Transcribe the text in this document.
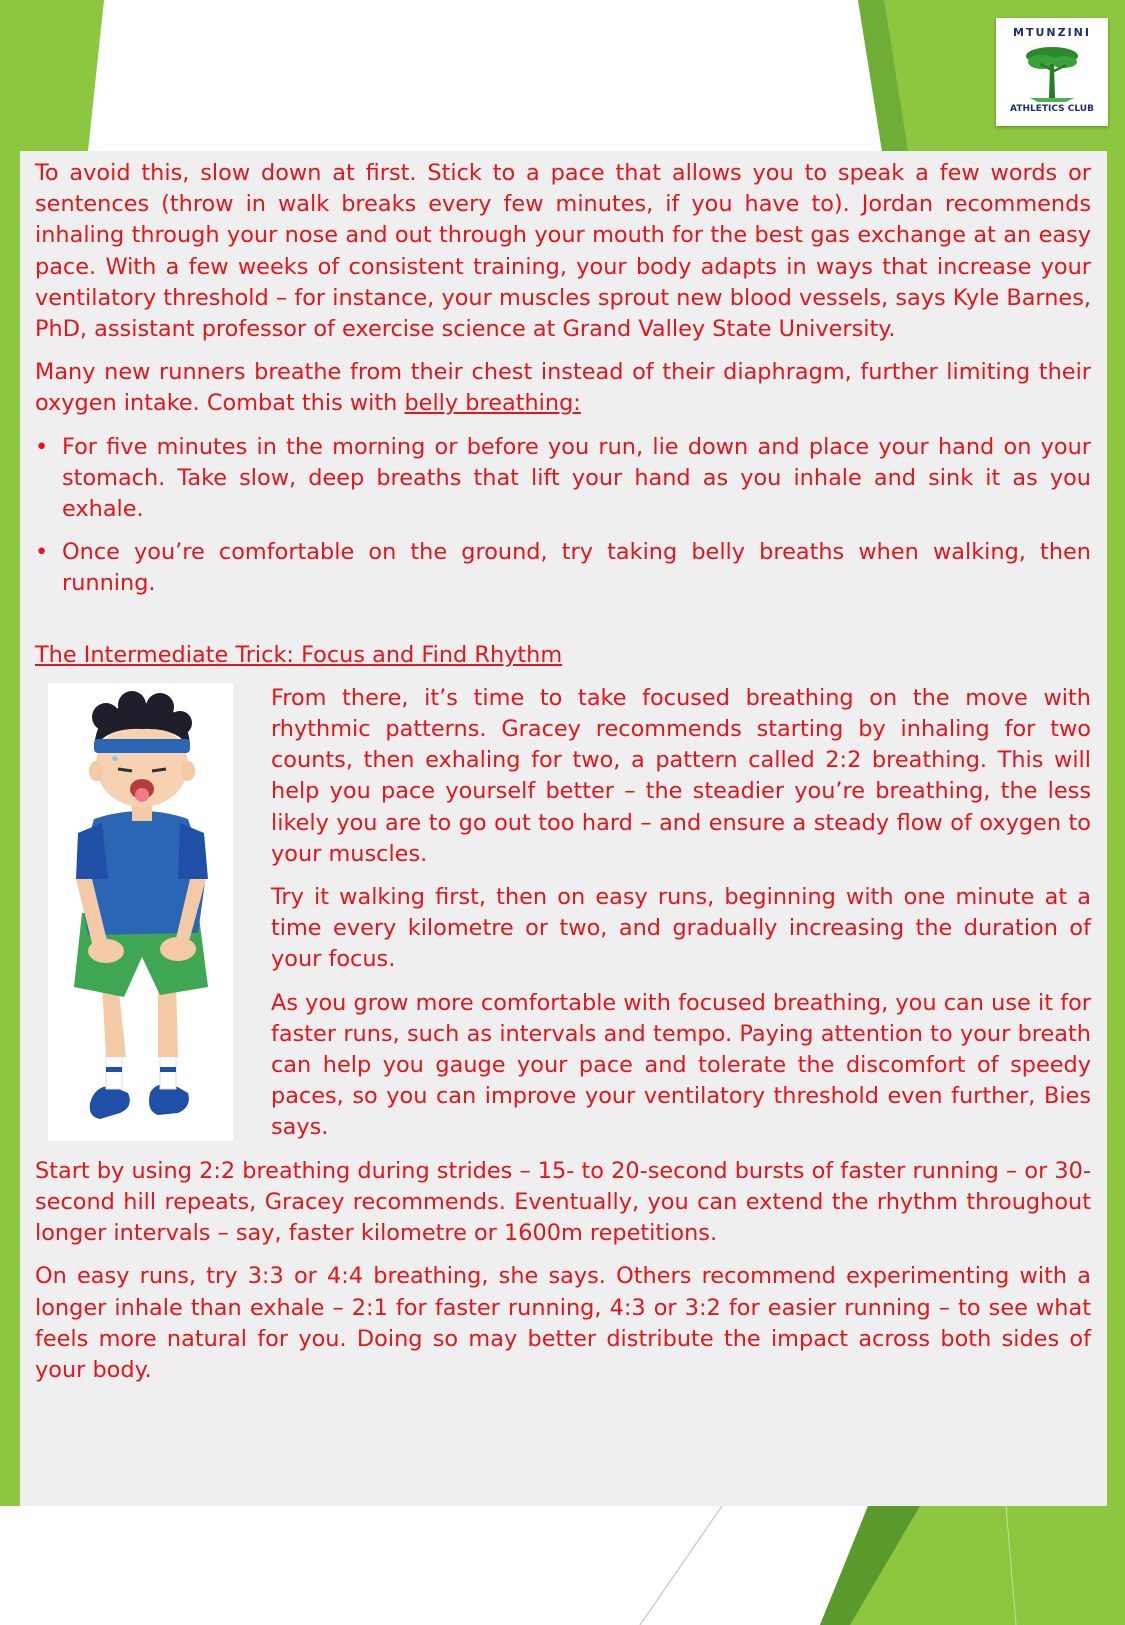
MTUNZINI
ATHLETICS CLUB

To avoid this, slow down at first. Stick to a pace that allows you to speak a few words or sentences (throw in walk breaks every few minutes, if you have to). Jordan recommends inhaling through your nose and out through your mouth for the best gas exchange at an easy pace. With a few weeks of consistent training, your body adapts in ways that increase your ventilatory threshold – for instance, your muscles sprout new blood vessels, says Kyle Barnes, PhD, assistant professor of exercise science at Grand Valley State University.

Many new runners breathe from their chest instead of their diaphragm, further limiting their oxygen intake. Combat this with belly breathing:

• For five minutes in the morning or before you run, lie down and place your hand on your stomach. Take slow, deep breaths that lift your hand as you inhale and sink it as you exhale.
• Once you’re comfortable on the ground, try taking belly breaths when walking, then running.

The Intermediate Trick: Focus and Find Rhythm

From there, it’s time to take focused breathing on the move with rhythmic patterns. Gracey recommends starting by inhaling for two counts, then exhaling for two, a pattern called 2:2 breathing. This will help you pace yourself better – the steadier you’re breathing, the less likely you are to go out too hard – and ensure a steady flow of oxygen to your muscles.

Try it walking first, then on easy runs, beginning with one minute at a time every kilometre or two, and gradually increasing the duration of your focus.

As you grow more comfortable with focused breathing, you can use it for faster runs, such as intervals and tempo. Paying attention to your breath can help you gauge your pace and tolerate the discomfort of speedy paces, so you can improve your ventilatory threshold even further, Bies says.

Start by using 2:2 breathing during strides – 15- to 20-second bursts of faster running – or 30-second hill repeats, Gracey recommends. Eventually, you can extend the rhythm throughout longer intervals – say, faster kilometre or 1600m repetitions.

On easy runs, try 3:3 or 4:4 breathing, she says. Others recommend experimenting with a longer inhale than exhale – 2:1 for faster running, 4:3 or 3:2 for easier running – to see what feels more natural for you. Doing so may better distribute the impact across both sides of your body.
